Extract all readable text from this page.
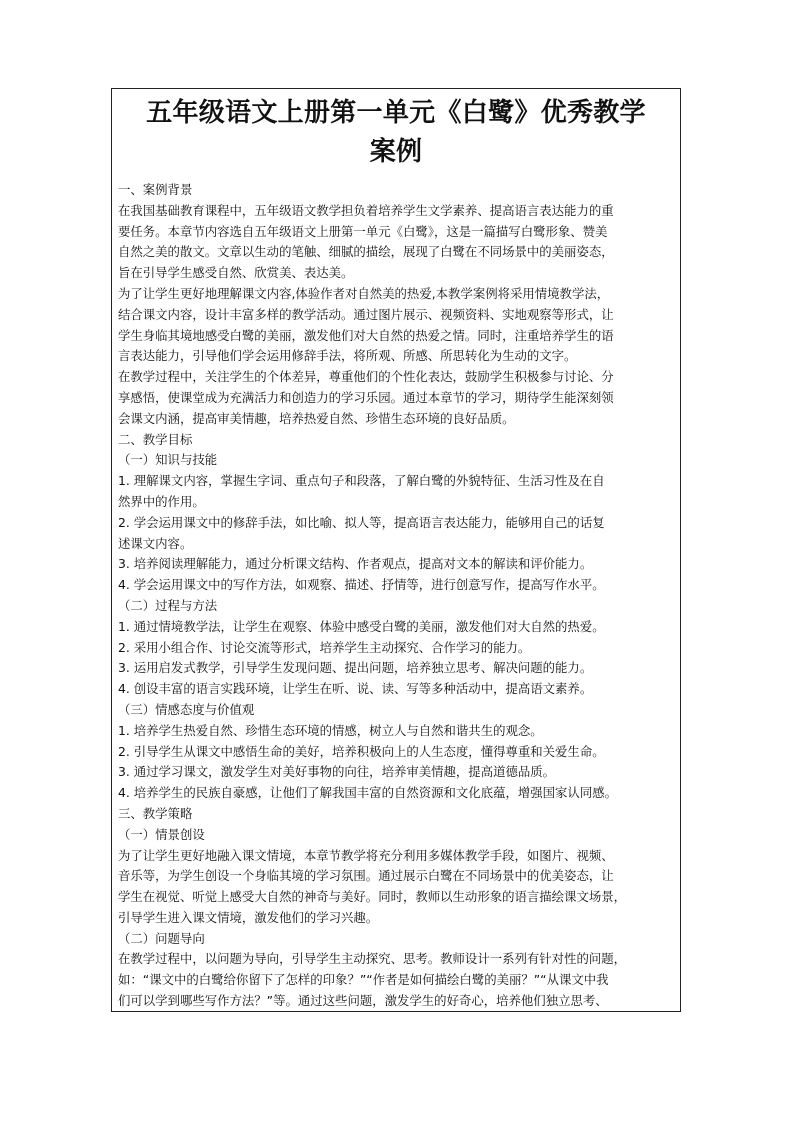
五年级语文上册第一单元《白鹭》优秀教学
案例

一、案例背景

在我国基础教育课程中，五年级语文教学担负着培养学生文学素养、提高语言表达能力的重

要任务。本章节内容选自五年级语文上册第一单元《白鹭》，这是一篇描写白鹭形象、赞美

自然之美的散文。文章以生动的笔触、细腻的描绘，展现了白鹭在不同场景中的美丽姿态，

旨在引导学生感受自然、欣赏美、表达美。

为了让学生更好地理解课文内容,体验作者对自然美的热爱,本教学案例将采用情境教学法，

结合课文内容，设计丰富多样的教学活动。通过图片展示、视频资料、实地观察等形式，让

学生身临其境地感受白鹭的美丽，激发他们对大自然的热爱之情。同时，注重培养学生的语

言表达能力，引导他们学会运用修辞手法，将所观、所感、所思转化为生动的文字。

在教学过程中，关注学生的个体差异，尊重他们的个性化表达，鼓励学生积极参与讨论、分

享感悟，使课堂成为充满活力和创造力的学习乐园。通过本章节的学习，期待学生能深刻领

会课文内涵，提高审美情趣，培养热爱自然、珍惜生态环境的良好品质。

二、教学目标

（一）知识与技能

1. 理解课文内容，掌握生字词、重点句子和段落，了解白鹭的外貌特征、生活习性及在自

然界中的作用。

2. 学会运用课文中的修辞手法，如比喻、拟人等，提高语言表达能力，能够用自己的话复

述课文内容。

3. 培养阅读理解能力，通过分析课文结构、作者观点，提高对文本的解读和评价能力。

4. 学会运用课文中的写作方法，如观察、描述、抒情等，进行创意写作，提高写作水平。

（二）过程与方法

1. 通过情境教学法，让学生在观察、体验中感受白鹭的美丽，激发他们对大自然的热爱。

2. 采用小组合作、讨论交流等形式，培养学生主动探究、合作学习的能力。

3. 运用启发式教学，引导学生发现问题、提出问题，培养独立思考、解决问题的能力。

4. 创设丰富的语言实践环境，让学生在听、说、读、写等多种活动中，提高语文素养。

（三）情感态度与价值观

1. 培养学生热爱自然、珍惜生态环境的情感，树立人与自然和谐共生的观念。

2. 引导学生从课文中感悟生命的美好，培养积极向上的人生态度，懂得尊重和关爱生命。

3. 通过学习课文，激发学生对美好事物的向往，培养审美情趣，提高道德品质。

4. 培养学生的民族自豪感，让他们了解我国丰富的自然资源和文化底蕴，增强国家认同感。

三、教学策略

（一）情景创设

为了让学生更好地融入课文情境，本章节教学将充分利用多媒体教学手段，如图片、视频、

音乐等，为学生创设一个身临其境的学习氛围。通过展示白鹭在不同场景中的优美姿态，让

学生在视觉、听觉上感受大自然的神奇与美好。同时，教师以生动形象的语言描绘课文场景，

引导学生进入课文情境，激发他们的学习兴趣。

（二）问题导向

在教学过程中，以问题为导向，引导学生主动探究、思考。教师设计一系列有针对性的问题，

如：“课文中的白鹭给你留下了怎样的印象？”“作者是如何描绘白鹭的美丽？”“从课文中我

们可以学到哪些写作方法？”等。通过这些问题，激发学生的好奇心，培养他们独立思考、
